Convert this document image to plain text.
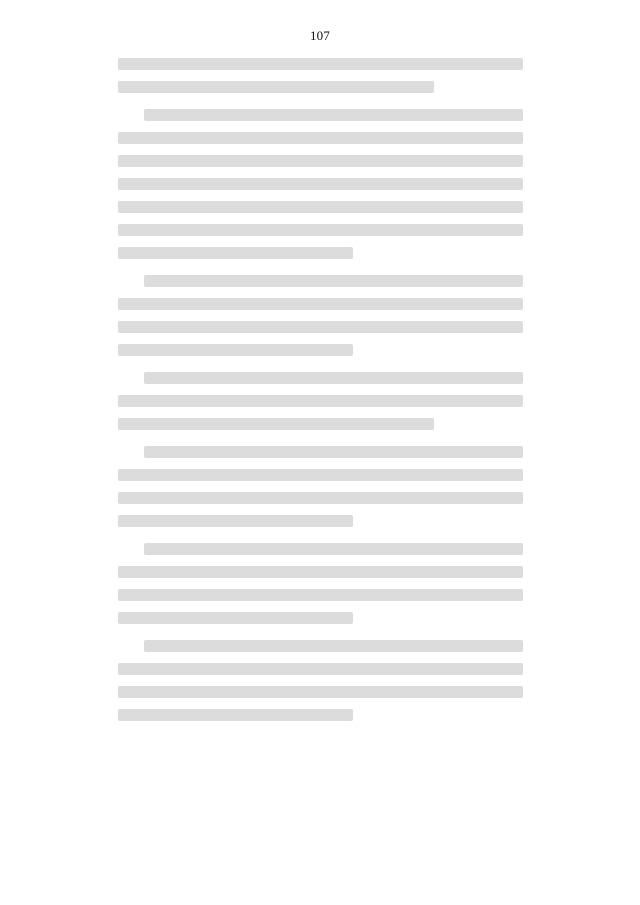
107
